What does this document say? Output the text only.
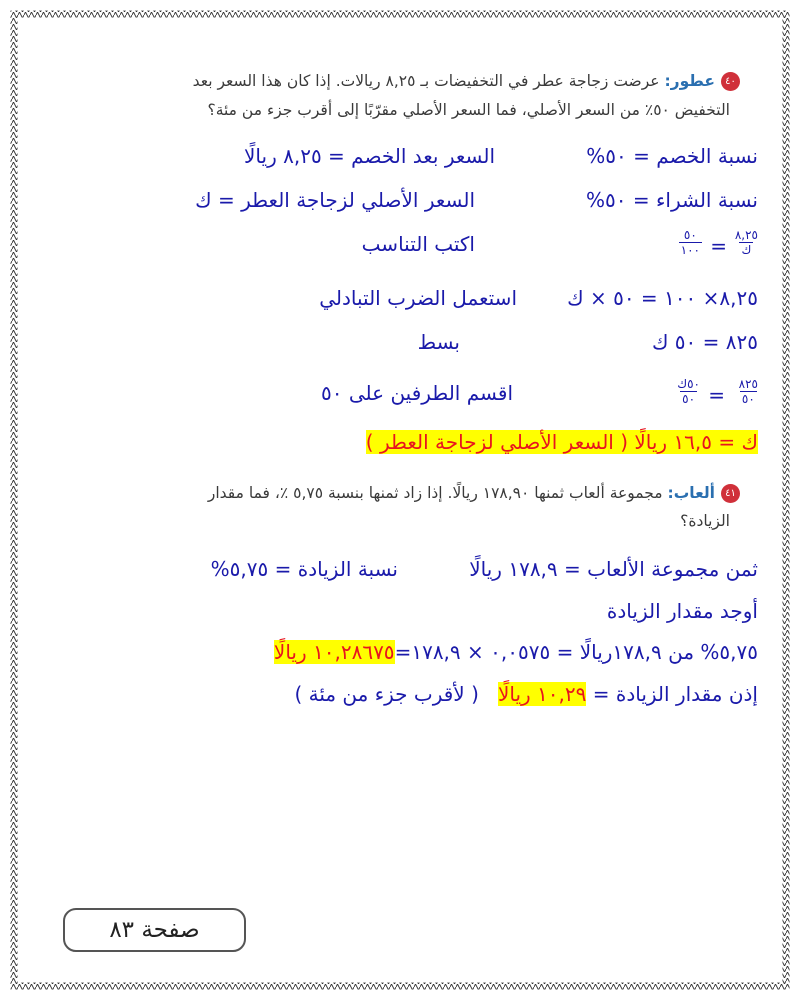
٤٠عطور: عرضت زجاجة عطر في التخفيضات بـ ٨,٢٥ ريالات. إذا كان هذا السعر بعد
التخفيض ٥٠٪ من السعر الأصلي، فما السعر الأصلي مقرّبًا إلى أقرب جزء من مئة؟
نسبة الخصم = ٥٠%
السعر بعد الخصم = ٨,٢٥ ريالًا
نسبة الشراء = ٥٠%
السعر الأصلي لزجاجة العطر = ك
٨,٢٥
ك
=
٥٠
١٠٠
اكتب التناسب
٨,٢٥× ١٠٠ = ٥٠ × ك
استعمل الضرب التبادلي
٨٢٥ = ٥٠ ك
بسط
٨٢٥
٥٠
=
٥٠ك
٥٠
اقسم الطرفين على ٥٠
ك = ١٦,٥ ريالًا ( السعر الأصلي لزجاجة العطر )
٤١ألعاب: مجموعة ألعاب ثمنها ١٧٨,٩٠ ريالًا. إذا زاد ثمنها بنسبة ٥,٧٥ ٪، فما مقدار
الزيادة؟
ثمن مجموعة الألعاب = ١٧٨,٩ ريالًا
نسبة الزيادة = ٥,٧٥%
أوجد مقدار الزيادة
٥,٧٥% من ١٧٨,٩ريالًا = ٠,٠٥٧٥ × ١٧٨,٩=١٠,٢٨٦٧٥ ريالًا
إذن مقدار الزيادة = ١٠,٢٩ ريالًا   ( لأقرب جزء من مئة )
صفحة ٨٣
